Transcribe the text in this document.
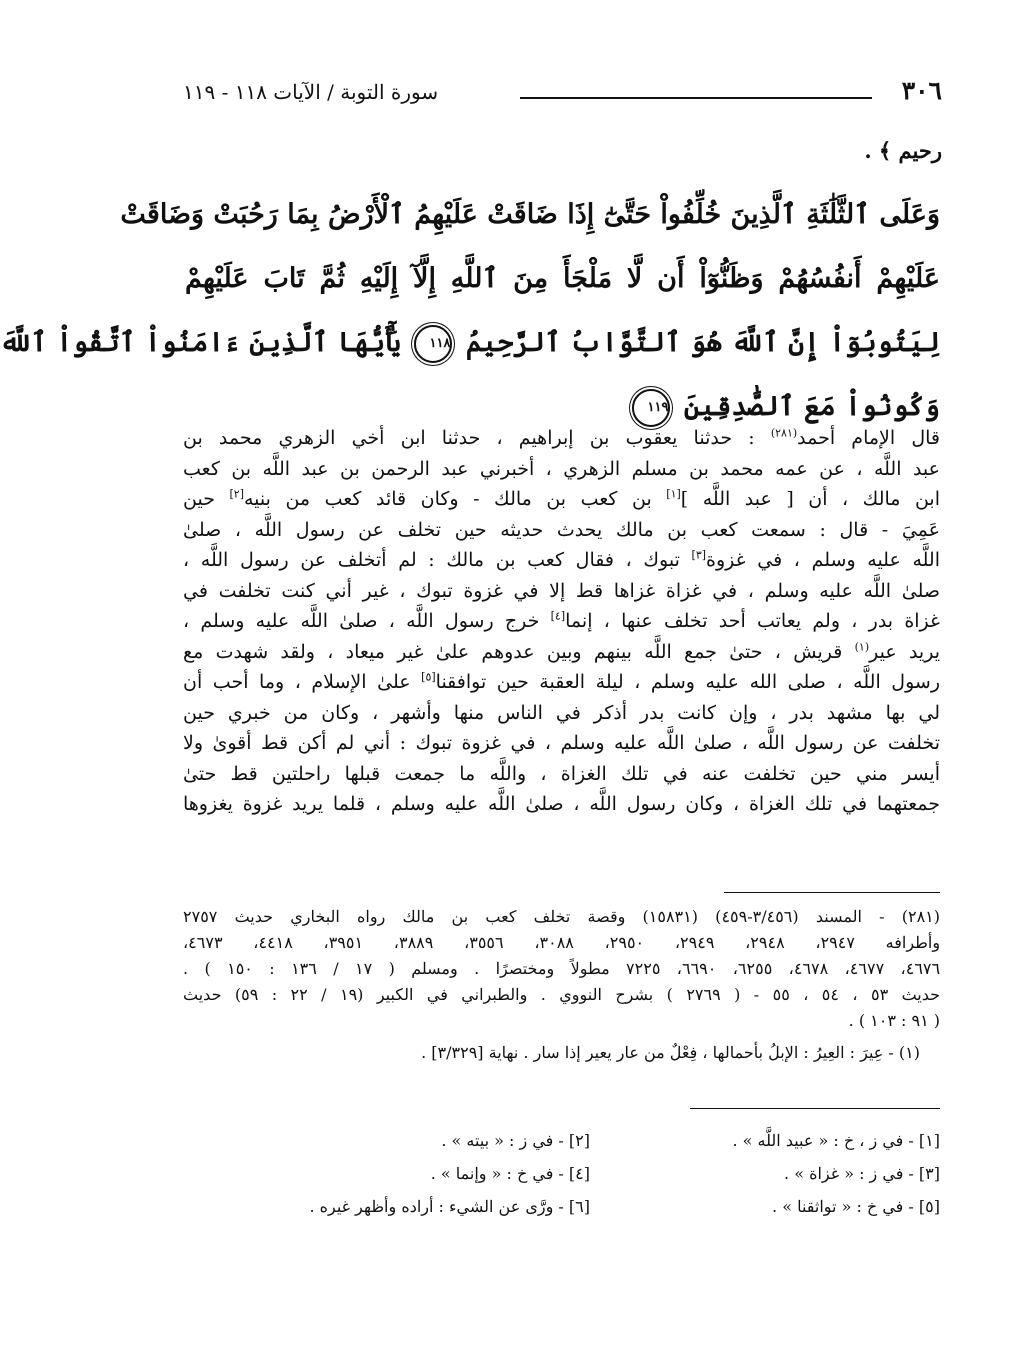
٣٠٦
سورة التوبة / الآيات ١١٨ - ١١٩
رحيم ﴾ .
وَعَلَى ٱلثَّلَٰثَةِ ٱلَّذِينَ خُلِّفُواْ حَتَّىٰٓ إِذَا ضَاقَتْ عَلَيْهِمُ ٱلْأَرْضُ بِمَا رَحُبَتْ وَضَاقَتْ
عَلَيْهِمْ أَنفُسُهُمْ وَظَنُّوٓاْ أَن لَّا مَلْجَأَ مِنَ ٱللَّهِ إِلَّآ إِلَيْهِ ثُمَّ تَابَ عَلَيْهِمْ
لِيَتُوبُوٓاْ إِنَّ ٱللَّهَ هُوَ ٱلتَّوَّابُ ٱلرَّحِيمُ ١١٨ يَٰٓأَيُّهَا ٱلَّذِينَ ءَامَنُواْ ٱتَّقُواْ ٱللَّهَ
وَكُونُواْ مَعَ ٱلصَّٰدِقِينَ ١١٩
قال الإمام أحمد$^{(٢٨١)}$ : حدثنا يعقوب بن إبراهيم ، حدثنا ابن أخي الزهري محمد بن
عبد اللَّه ، عن عمه محمد بن مسلم الزهري ، أخبرني عبد الرحمن بن عبد اللَّه بن كعب
ابن مالك ، أن [ عبد اللَّه ][١] بن كعب بن مالك - وكان قائد كعب من بنيه[٢] حين
عَمِيَ - قال : سمعت كعب بن مالك يحدث حديثه حين تخلف عن رسول اللَّه ، صلىٰ
اللَّه عليه وسلم ، في غزوة[٣] تبوك ، فقال كعب بن مالك : لم أتخلف عن رسول اللَّه ،
صلىٰ اللَّه عليه وسلم ، في غزاة غزاها قط إلا في غزوة تبوك ، غير أني كنت تخلفت في
غزاة بدر ، ولم يعاتب أحد تخلف عنها ، إنما[٤] خرج رسول اللَّه ، صلىٰ اللَّه عليه وسلم ،
يريد عير$^{(١)}$ قريش ، حتىٰ جمع اللَّه بينهم وبين عدوهم علىٰ غير ميعاد ، ولقد شهدت مع
رسول اللَّه ، صلى الله عليه وسلم ، ليلة العقبة حين توافقنا[٥] علىٰ الإسلام ، وما أحب أن
لي بها مشهد بدر ، وإن كانت بدر أذكر في الناس منها وأشهر ، وكان من خبري حين
تخلفت عن رسول اللَّه ، صلىٰ اللَّه عليه وسلم ، في غزوة تبوك : أني لم أكن قط أقوىٰ ولا
أيسر مني حين تخلفت عنه في تلك الغزاة ، واللَّه ما جمعت قبلها راحلتين قط حتىٰ
جمعتهما في تلك الغزاة ، وكان رسول اللَّه ، صلىٰ اللَّه عليه وسلم ، قلما يريد غزوة يغزوها
(٢٨١) - المسند (٣/٤٥٦-٤٥٩) (١٥٨٣١) وقصة تخلف كعب بن مالك رواه البخاري حديث ٢٧٥٧
وأطرافه ٢٩٤٧، ٢٩٤٨، ٢٩٤٩، ٢٩٥٠، ٣٠٨٨، ٣٥٥٦، ٣٨٨٩، ٣٩٥١، ٤٤١٨، ٤٦٧٣،
٤٦٧٦، ٤٦٧٧، ٤٦٧٨، ٦٢٥٥، ٦٦٩٠، ٧٢٢٥ مطولاً ومختصرًا . ومسلم ( ١٧ / ١٣٦ : ١٥٠ ) .
حديث ٥٣ ، ٥٤ ، ٥٥ - ( ٢٧٦٩ ) بشرح النووي . والطبراني في الكبير (١٩ / ٢٢ : ٥٩) حديث
( ٩١ : ١٠٣ ) .
(١) - عِيرَ : العِيرُ : الإبلُ بأحمالها ، فِعْلٌ من عار يعير إذا سار . نهاية [٣/٣٢٩] .
[١] - في ز ، خ : « عبيد اللَّه » .
[٢] - في ز : « بيته » .
[٣] - في ز : « غزاة » .
[٤] - في خ : « وإنما » .
[٥] - في خ : « تواثقنا » .
[٦] - ورَّى عن الشيء : أراده وأظهر غيره .
